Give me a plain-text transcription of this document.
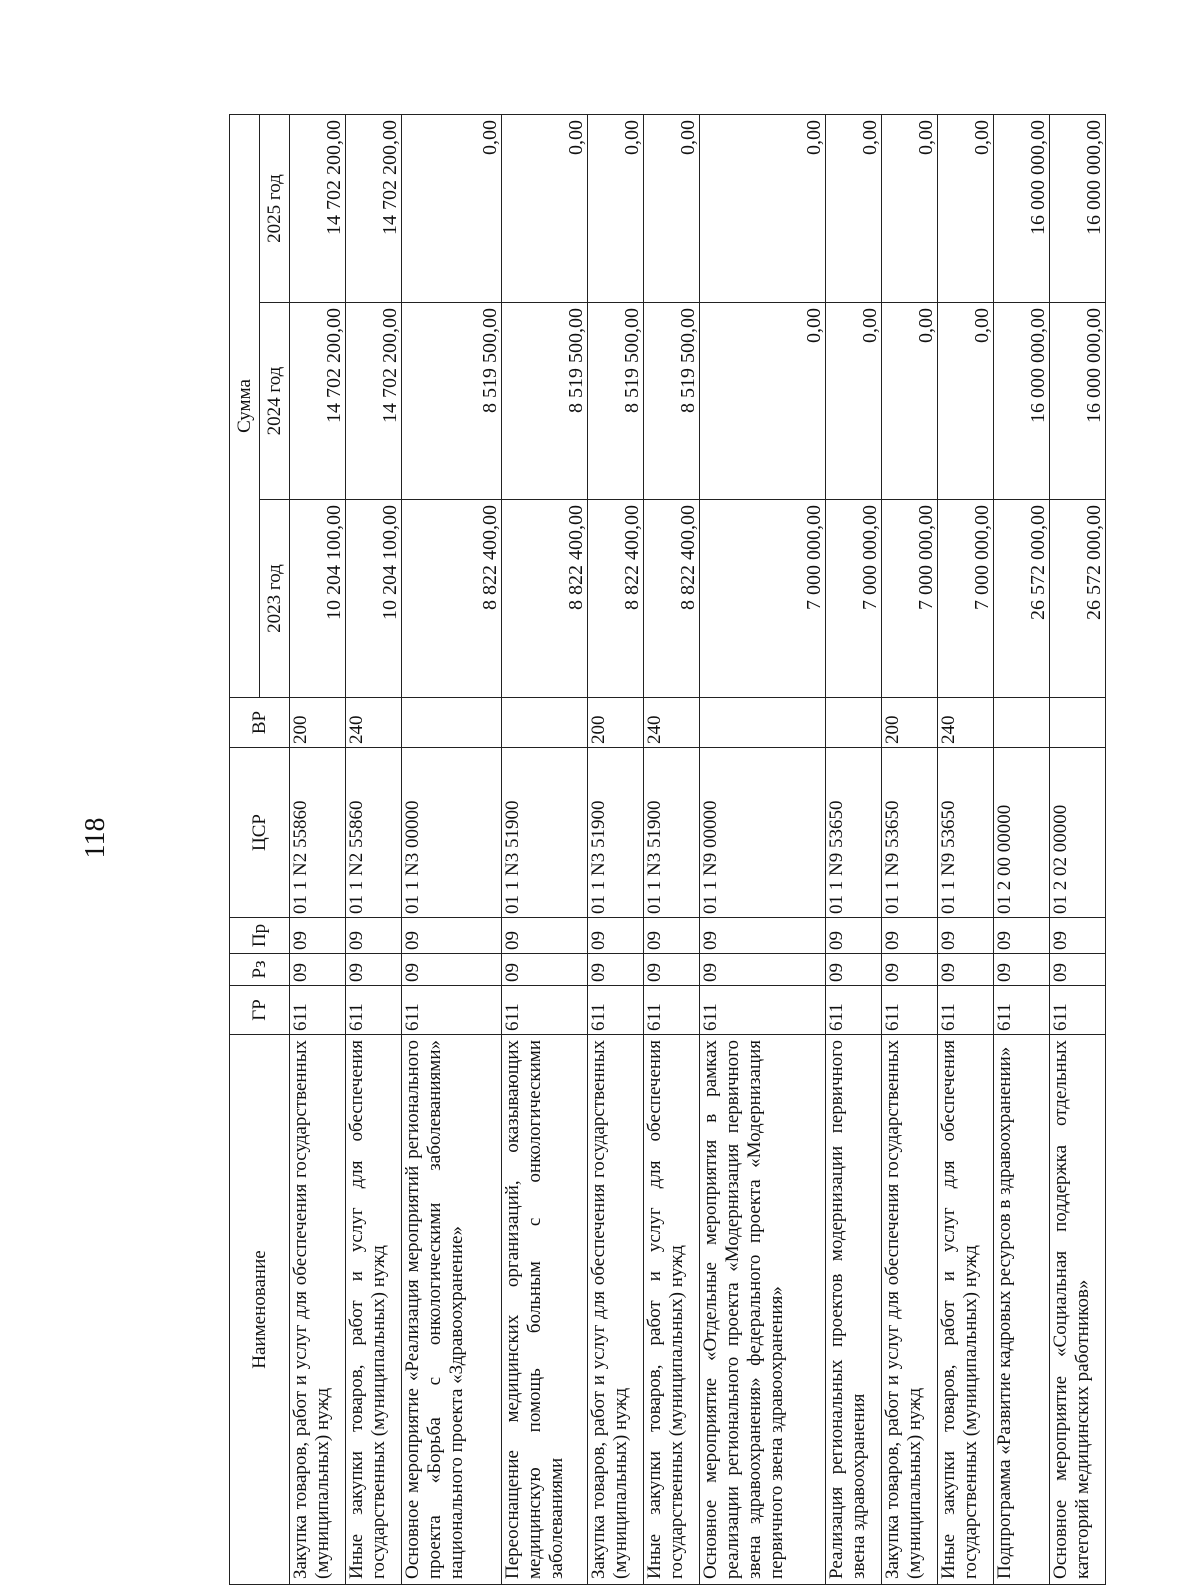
118
Наименование	ГР	Рз	Пр	ЦСР	ВР	Сумма		
						2023 год	2024 год	2025 год
Закупка товаров, работ и услуг для обеспечения государственных (муниципальных) нужд	611	09	09	01 1 N2 55860	200	10 204 100,00	14 702 200,00	14 702 200,00
Иные закупки товаров, работ и услуг для обеспечения государственных (муниципальных) нужд	611	09	09	01 1 N2 55860	240	10 204 100,00	14 702 200,00	14 702 200,00
Основное мероприятие «Реализация мероприятий регионального проекта «Борьба с онкологическими заболеваниями» национального проекта «Здравоохранение»	611	09	09	01 1 N3 00000		8 822 400,00	8 519 500,00	0,00
Переоснащение медицинских организаций, оказывающих медицинскую помощь больным с онкологическими заболеваниями	611	09	09	01 1 N3 51900		8 822 400,00	8 519 500,00	0,00
Закупка товаров, работ и услуг для обеспечения государственных (муниципальных) нужд	611	09	09	01 1 N3 51900	200	8 822 400,00	8 519 500,00	0,00
Иные закупки товаров, работ и услуг для обеспечения государственных (муниципальных) нужд	611	09	09	01 1 N3 51900	240	8 822 400,00	8 519 500,00	0,00
Основное мероприятие «Отдельные мероприятия в рамках реализации регионального проекта «Модернизация первичного звена здравоохранения» федерального проекта «Модернизация первичного звена здравоохранения»	611	09	09	01 1 N9 00000		7 000 000,00	0,00	0,00
Реализация региональных проектов модернизации первичного звена здравоохранения	611	09	09	01 1 N9 53650		7 000 000,00	0,00	0,00
Закупка товаров, работ и услуг для обеспечения государственных (муниципальных) нужд	611	09	09	01 1 N9 53650	200	7 000 000,00	0,00	0,00
Иные закупки товаров, работ и услуг для обеспечения государственных (муниципальных) нужд	611	09	09	01 1 N9 53650	240	7 000 000,00	0,00	0,00
Подпрограмма «Развитие кадровых ресурсов в здравоохранении»	611	09	09	01 2 00 00000		26 572 000,00	16 000 000,00	16 000 000,00
Основное мероприятие «Социальная поддержка отдельных категорий медицинских работников»	611	09	09	01 2 02 00000		26 572 000,00	16 000 000,00	16 000 000,00
